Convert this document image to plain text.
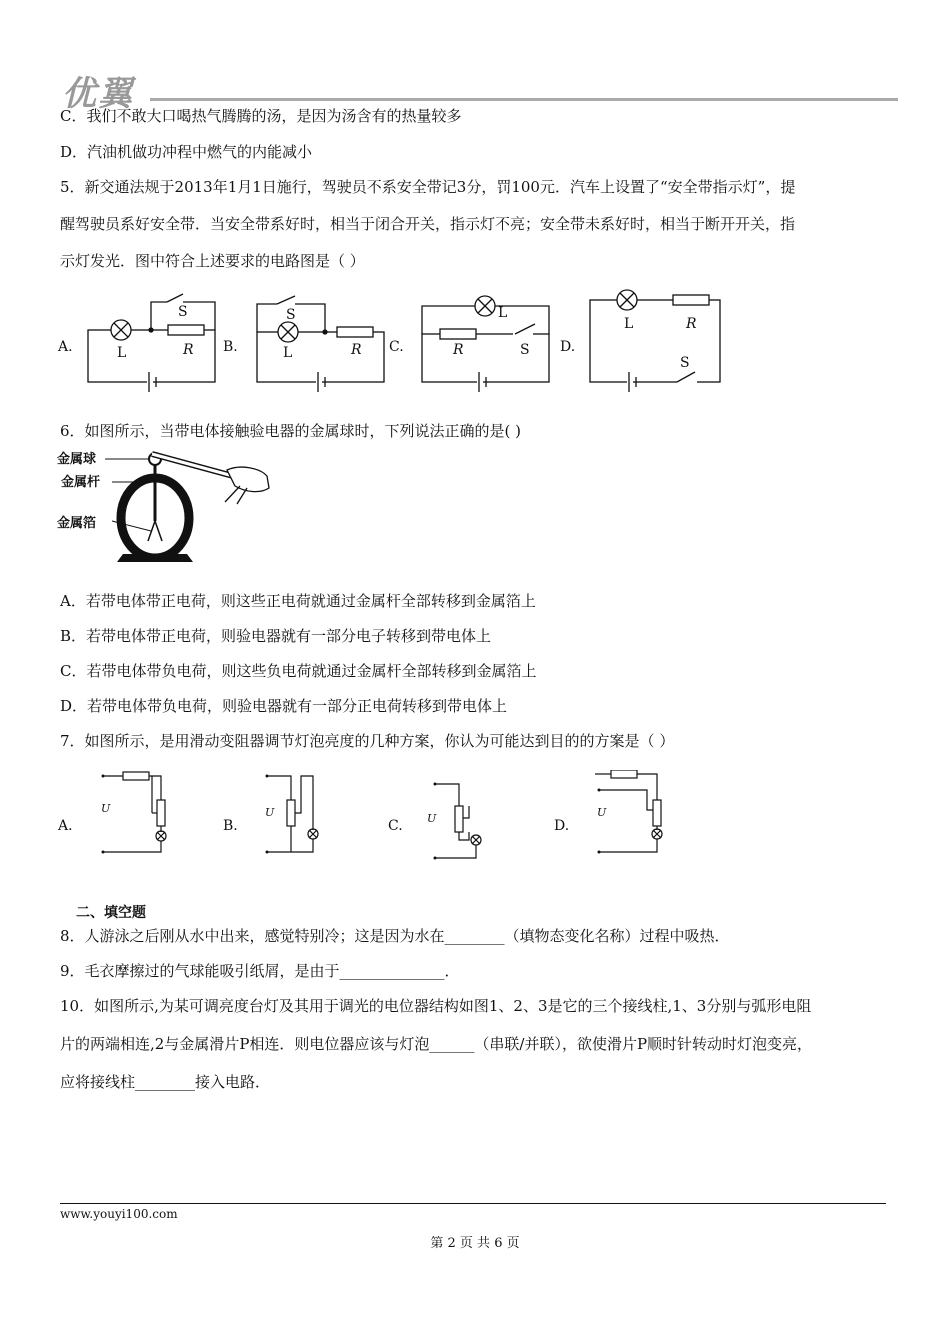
优翼
C．我们不敢大口喝热气腾腾的汤，是因为汤含有的热量较多
D．汽油机做功冲程中燃气的内能减小
5．新交通法规于2013年1月1日施行，驾驶员不系安全带记3分，罚100元．汽车上设置了“安全带指示灯”，提
醒驾驶员系好安全带．当安全带系好时，相当于闭合开关，指示灯不亮；安全带未系好时，相当于断开开关，指
示灯发光．图中符合上述要求的电路图是（ ）
A.	B.	C.	D.
L	R
S
L	R
S	L
R	S
L	R
S
6．如图所示，当带电体接触验电器的金属球时，下列说法正确的是( )
金属球
金属杆
金属箔
A．若带电体带正电荷，则这些正电荷就通过金属杆全部转移到金属箔上
B．若带电体带正电荷，则验电器就有一部分电子转移到带电体上
C．若带电体带负电荷，则这些负电荷就通过金属杆全部转移到金属箔上
D．若带电体带负电荷，则验电器就有一部分正电荷转移到带电体上
7．如图所示，是用滑动变阻器调节灯泡亮度的几种方案，你认为可能达到目的的方案是（ ）
U	U	U	U
A.	B.	C.	D.
二、填空题
8．人游泳之后刚从水中出来，感觉特别冷；这是因为水在________（填物态变化名称）过程中吸热．
9．毛衣摩擦过的气球能吸引纸屑，是由于______________．
10．如图所示,为某可调亮度台灯及其用于调光的电位器结构如图1、2、3是它的三个接线柱,1、3分别与弧形电阻
片的两端相连,2与金属滑片P相连．则电位器应该与灯泡______（串联/并联），欲使滑片P顺时针转动时灯泡变亮，
应将接线柱________接入电路．
www.youyi100.com
第 2 页 共 6 页
